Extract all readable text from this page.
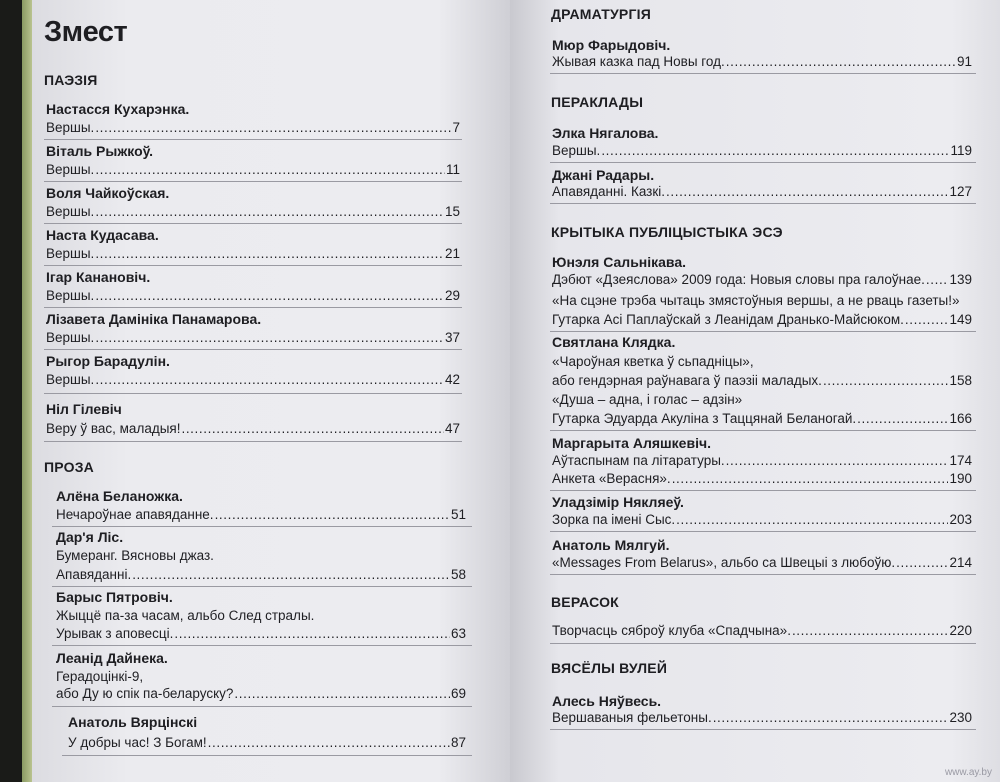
Змест
ПАЭЗІЯ
Настасся Кухарэнка.
Вершы. .....	7
Віталь Рыжкоў.
Вершы. .....	11
Воля Чайкоўская.
Вершы. .....	15
Наста Кудасава.
Вершы. .....	21
Ігар Канановіч.
Вершы. .....	29
Лізавета Дамініка Панамарова.
Вершы. .....	37
Рыгор Барадулін.
Вершы. .....	42
Ніл Гілевіч
Веру ў вас, маладыя! .....	47
ПРОЗА
Алёна Беланожка.
Нечароўнае апавяданне. .....	51
Дар'я Ліс.
Бумеранг. Вясновы джаз.
Апавяданні. .....	58
Барыс Пятровіч.
Жыццё па-за часам, альбо След стралы.
Урывак з аповесці. .....	63
Леанід Дайнека.
Герадоцінкі-9,
або Ду ю спік па-беларуску? .....	69
Анатоль Вярцінскі
У добры час! З Богам! .....	87
ДРАМАТУРГІЯ
Мюр Фарыдовіч.
Жывая казка пад Новы год. .....	91
ПЕРАКЛАДЫ
Элка Нягалова.
Вершы. .....	119
Джані Радары.
Апавяданні. Казкі. .....	127
КРЫТЫКА ПУБЛІЦЫСТЫКА ЭСЭ
Юнэля Сальнікава.
Дэбют «Дзеяслова» 2009 года: Новыя словы пра галоўнае. ..... 139
«На сцэне трэба чытаць змястоўныя вершы, а не рваць газеты!»
Гутарка Асі Паплаўскай з Леанідам Дранько-Майсюком. .....	149
Святлана Клядка.
«Чароўная кветка ў сьпадніцы»,
або гендэрная раўнавага ў паэзіі маладых. .....	158
«Душа – адна, і голас – адзін»
Гутарка Эдуарда Акуліна з Таццянай Беланогай. .....	166
Маргарыта Аляшкевіч.
Аўтаспынам па літаратуры. .....	174
Анкета «Верасня». .....	190
Уладзімір Някляеў.
Зорка па імені Сыс. .....	203
Анатоль Мялгуй.
«Messages From Belarus», альбо са Швецыі з любоўю. .....	214
ВЕРАСОК
Творчасць сяброў клуба «Спадчына». .....	220
ВЯСЁЛЫ ВУЛЕЙ
Алесь Няўвесь.
Вершаваныя фельетоны. .....	230
www.ay.by
